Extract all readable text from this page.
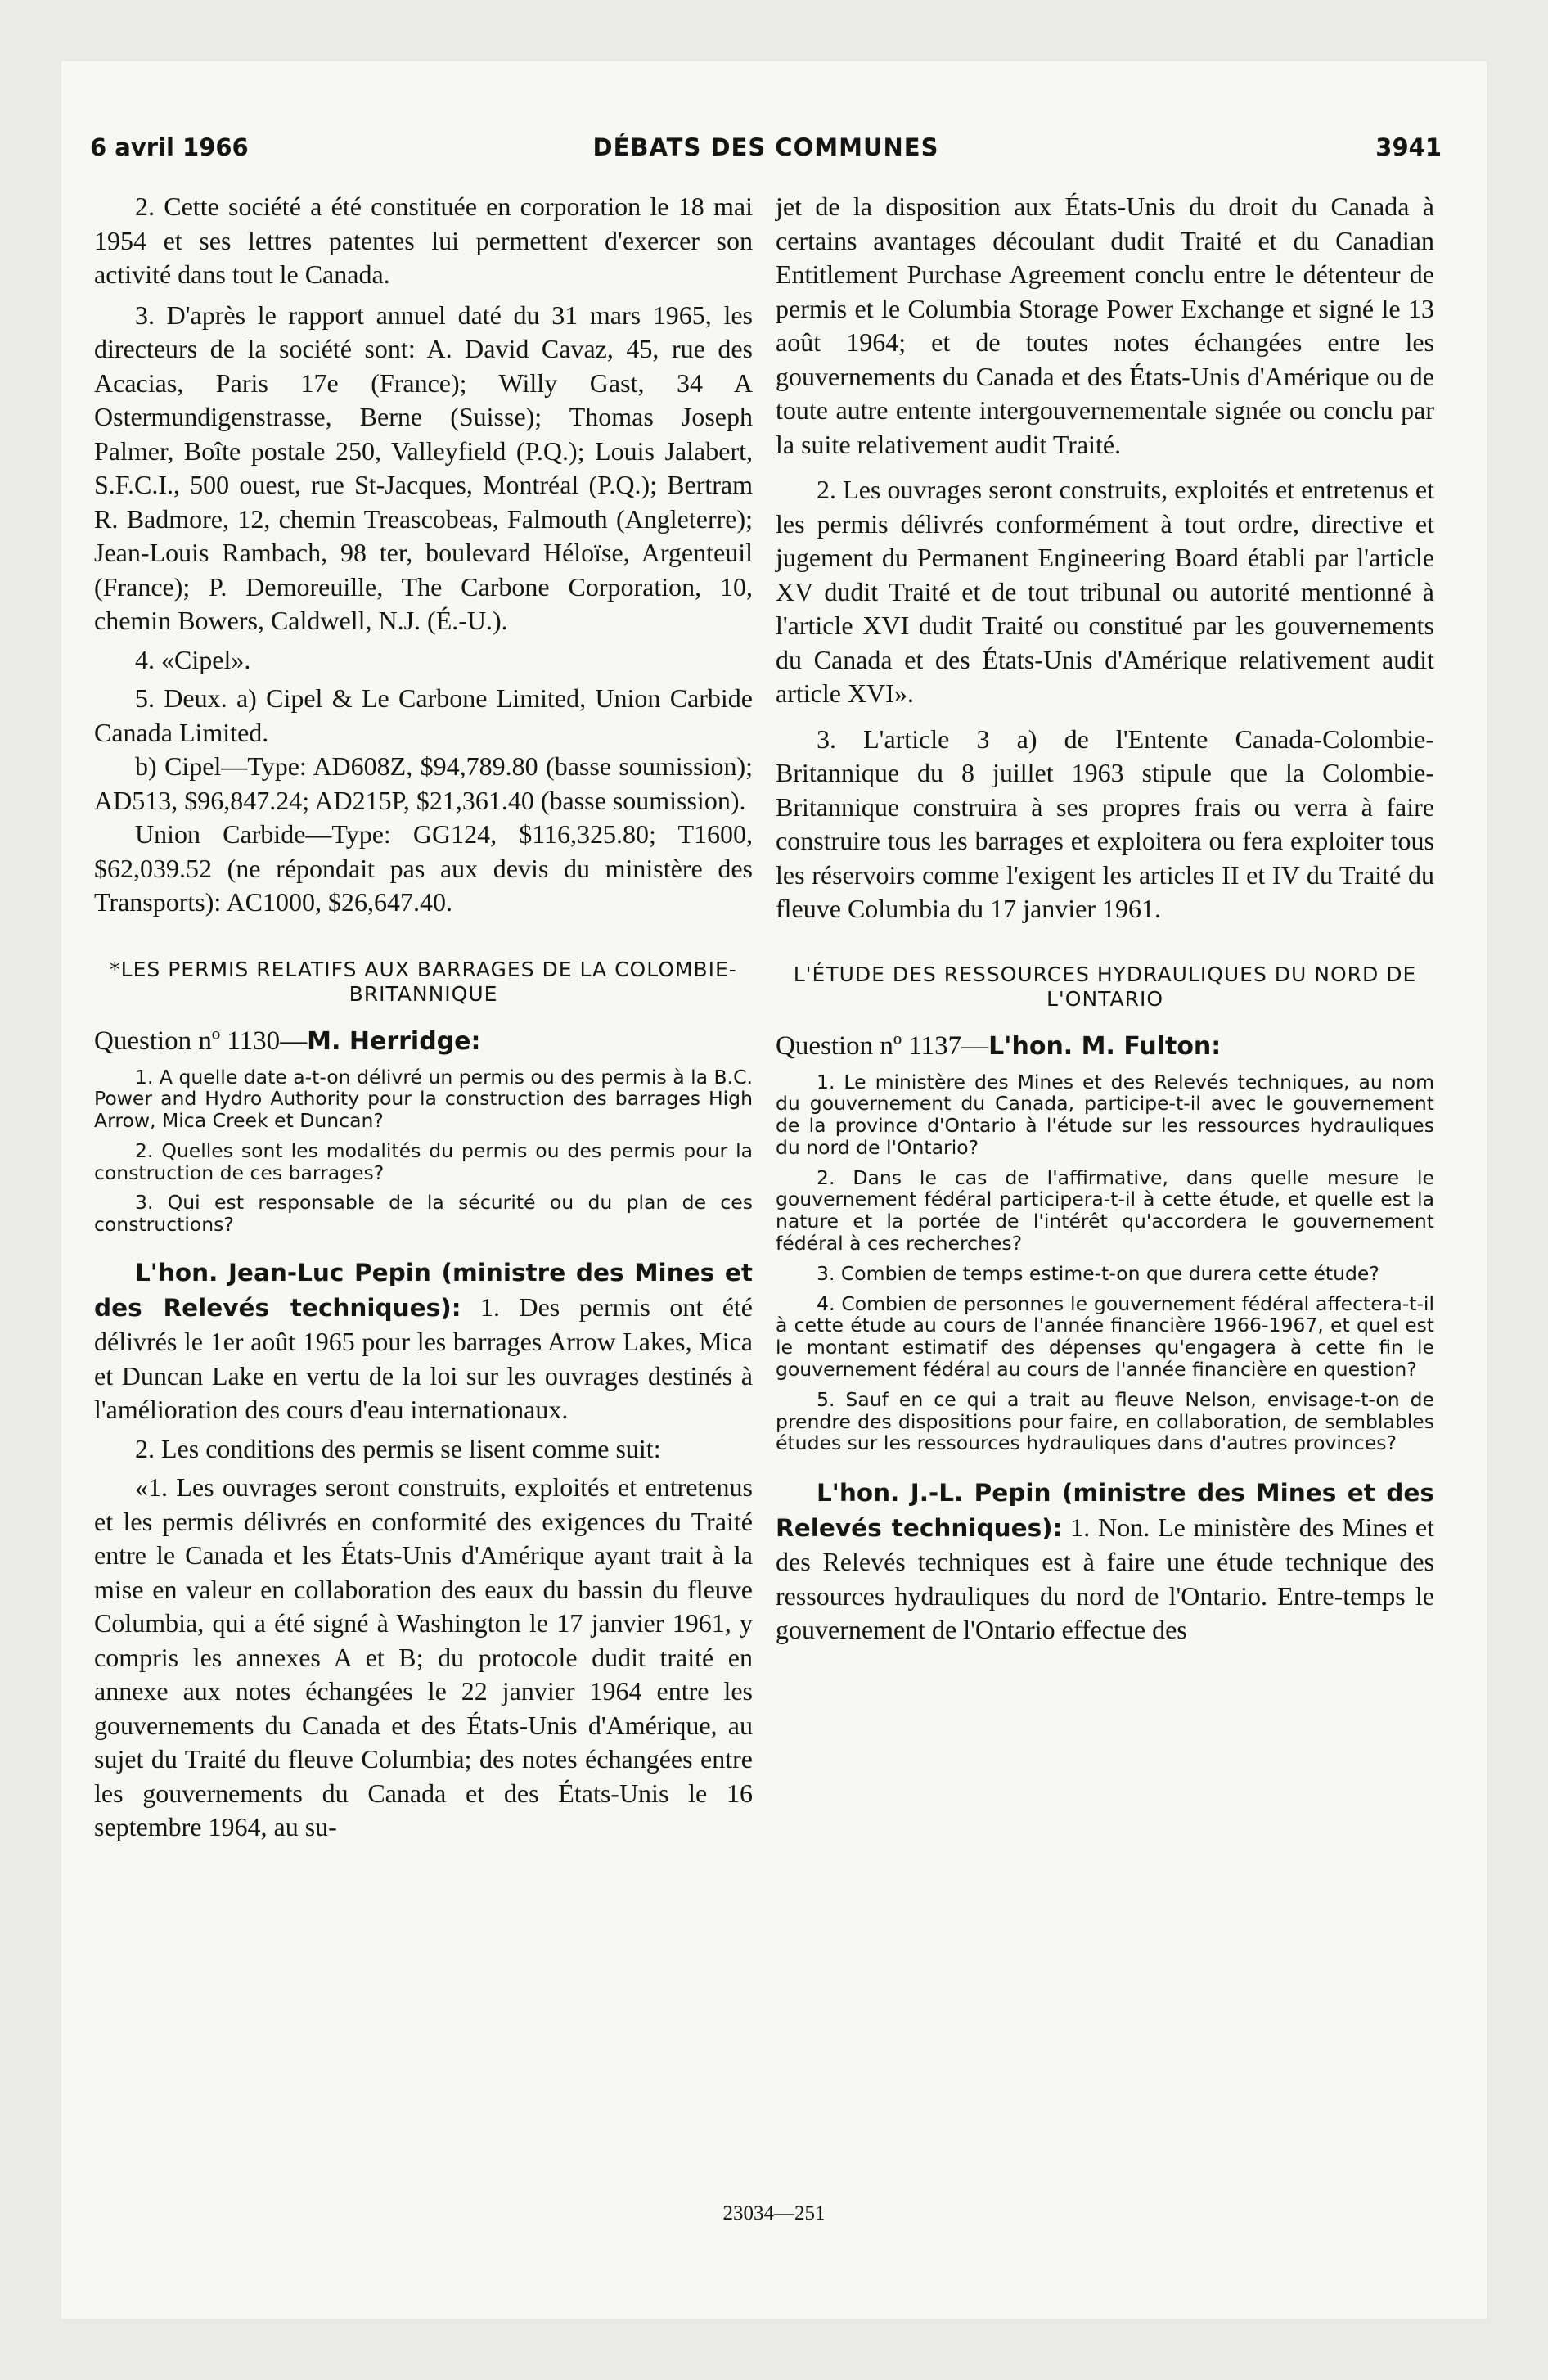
6 avril 1966	DÉBATS DES COMMUNES	3941

2. Cette société a été constituée en corporation le 18 mai 1954 et ses lettres patentes lui permettent d'exercer son activité dans tout le Canada.

3. D'après le rapport annuel daté du 31 mars 1965, les directeurs de la société sont: A. David Cavaz, 45, rue des Acacias, Paris 17e (France); Willy Gast, 34 A Ostermundigenstrasse, Berne (Suisse); Thomas Joseph Palmer, Boîte postale 250, Valleyfield (P.Q.); Louis Jalabert, S.F.C.I., 500 ouest, rue St-Jacques, Montréal (P.Q.); Bertram R. Badmore, 12, chemin Treascobeas, Falmouth (Angleterre); Jean-Louis Rambach, 98 ter, boulevard Héloïse, Argenteuil (France); P. Demoreuille, The Carbone Corporation, 10, chemin Bowers, Caldwell, N.J. (É.-U.).

4. «Cipel».

5. Deux. a) Cipel & Le Carbone Limited, Union Carbide Canada Limited.

b) Cipel—Type: AD608Z, $94,789.80 (basse soumission); AD513, $96,847.24; AD215P, $21,361.40 (basse soumission).

Union Carbide—Type: GG124, $116,325.80; T1600, $62,039.52 (ne répondait pas aux devis du ministère des Transports): AC1000, $26,647.40.

*LES PERMIS RELATIFS AUX BARRAGES DE LA COLOMBIE-BRITANNIQUE

Question nº 1130—M. Herridge:

1. A quelle date a-t-on délivré un permis ou des permis à la B.C. Power and Hydro Authority pour la construction des barrages High Arrow, Mica Creek et Duncan?

2. Quelles sont les modalités du permis ou des permis pour la construction de ces barrages?

3. Qui est responsable de la sécurité ou du plan de ces constructions?

L'hon. Jean-Luc Pepin (ministre des Mines et des Relevés techniques): 1. Des permis ont été délivrés le 1er août 1965 pour les barrages Arrow Lakes, Mica et Duncan Lake en vertu de la loi sur les ouvrages destinés à l'amélioration des cours d'eau internationaux.

2. Les conditions des permis se lisent comme suit:

«1. Les ouvrages seront construits, exploités et entretenus et les permis délivrés en conformité des exigences du Traité entre le Canada et les États-Unis d'Amérique ayant trait à la mise en valeur en collaboration des eaux du bassin du fleuve Columbia, qui a été signé à Washington le 17 janvier 1961, y compris les annexes A et B; du protocole dudit traité en annexe aux notes échangées le 22 janvier 1964 entre les gouvernements du Canada et des États-Unis d'Amérique, au sujet du Traité du fleuve Columbia; des notes échangées entre les gouvernements du Canada et des États-Unis le 16 septembre 1964, au su-

jet de la disposition aux États-Unis du droit du Canada à certains avantages découlant dudit Traité et du Canadian Entitlement Purchase Agreement conclu entre le détenteur de permis et le Columbia Storage Power Exchange et signé le 13 août 1964; et de toutes notes échangées entre les gouvernements du Canada et des États-Unis d'Amérique ou de toute autre entente intergouvernementale signée ou conclu par la suite relativement audit Traité.

2. Les ouvrages seront construits, exploités et entretenus et les permis délivrés conformément à tout ordre, directive et jugement du Permanent Engineering Board établi par l'article XV dudit Traité et de tout tribunal ou autorité mentionné à l'article XVI dudit Traité ou constitué par les gouvernements du Canada et des États-Unis d'Amérique relativement audit article XVI».

3. L'article 3 a) de l'Entente Canada-Colombie-Britannique du 8 juillet 1963 stipule que la Colombie-Britannique construira à ses propres frais ou verra à faire construire tous les barrages et exploitera ou fera exploiter tous les réservoirs comme l'exigent les articles II et IV du Traité du fleuve Columbia du 17 janvier 1961.

L'ÉTUDE DES RESSOURCES HYDRAULIQUES DU NORD DE L'ONTARIO

Question nº 1137—L'hon. M. Fulton:

1. Le ministère des Mines et des Relevés techniques, au nom du gouvernement du Canada, participe-t-il avec le gouvernement de la province d'Ontario à l'étude sur les ressources hydrauliques du nord de l'Ontario?

2. Dans le cas de l'affirmative, dans quelle mesure le gouvernement fédéral participera-t-il à cette étude, et quelle est la nature et la portée de l'intérêt qu'accordera le gouvernement fédéral à ces recherches?

3. Combien de temps estime-t-on que durera cette étude?

4. Combien de personnes le gouvernement fédéral affectera-t-il à cette étude au cours de l'année financière 1966-1967, et quel est le montant estimatif des dépenses qu'engagera à cette fin le gouvernement fédéral au cours de l'année financière en question?

5. Sauf en ce qui a trait au fleuve Nelson, envisage-t-on de prendre des dispositions pour faire, en collaboration, de semblables études sur les ressources hydrauliques dans d'autres provinces?

L'hon. J.-L. Pepin (ministre des Mines et des Relevés techniques): 1. Non. Le ministère des Mines et des Relevés techniques est à faire une étude technique des ressources hydrauliques du nord de l'Ontario. Entre-temps le gouvernement de l'Ontario effectue des

23034—251
